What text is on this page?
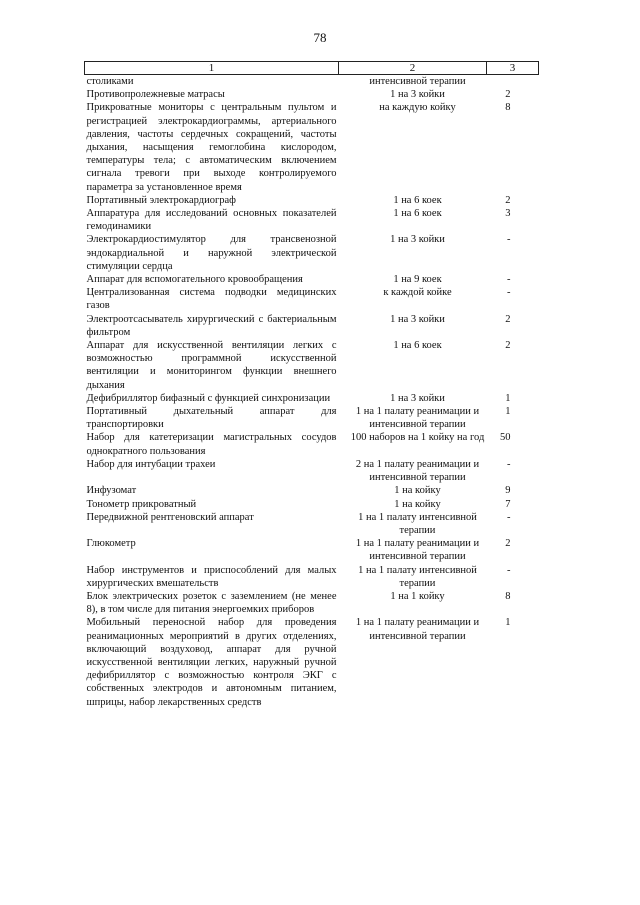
78
1	2	3
столиками	интенсивной терапии	
Противопролежневые матрасы	1 на 3 койки	2
Прикроватные мониторы с центральным пультом и регистрацией электрокардиограммы, артериального давления, частоты сердечных сокращений, частоты дыхания, насыщения гемоглобина кислородом, температуры тела; с автоматическим включением сигнала тревоги при выходе контролируемого параметра за установленное время	на каждую койку	8
Портативный электрокардиограф	1 на 6 коек	2
Аппаратура для исследований основных показателей гемодинамики	1 на 6 коек	3
Электрокардиостимулятор для трансвенозной эндокардиальной и наружной электрической стимуляции сердца	1 на 3 койки	-
Аппарат для вспомогательного кровообращения	1 на 9 коек	-
Централизованная система подводки медицинских газов	к каждой койке	-
Электроотсасыватель хирургический с бактериальным фильтром	1 на 3 койки	2
Аппарат для искусственной вентиляции легких с возможностью программной искусственной вентиляции и мониторингом функции внешнего дыхания	1 на 6 коек	2
Дефибриллятор бифазный с функцией синхронизации	1 на 3 койки	1
Портативный дыхательный аппарат для транспортировки	1 на 1 палату реанимации и интенсивной терапии	1
Набор для катетеризации магистральных сосудов однократного пользования	100 наборов на 1 койку на год	50
Набор для интубации трахеи	2 на 1 палату реанимации и интенсивной терапии	-
Инфузомат	1 на койку	9
Тонометр прикроватный	1 на койку	7
Передвижной рентгеновский аппарат	1 на 1 палату интенсивной терапии	-
Глюкометр	1 на 1 палату реанимации и интенсивной терапии	2
Набор инструментов и приспособлений для малых хирургических вмешательств	1 на 1 палату интенсивной терапии	-
Блок электрических розеток с заземлением (не менее 8), в том числе для питания энергоемких приборов	1 на 1 койку	8
Мобильный переносной набор для проведения реанимационных мероприятий в других отделениях, включающий воздуховод, аппарат для ручной искусственной вентиляции легких, наружный ручной дефибриллятор с возможностью контроля ЭКГ с собственных электродов и автономным питанием, шприцы, набор лекарственных средств	1 на 1 палату реанимации и интенсивной терапии	1
